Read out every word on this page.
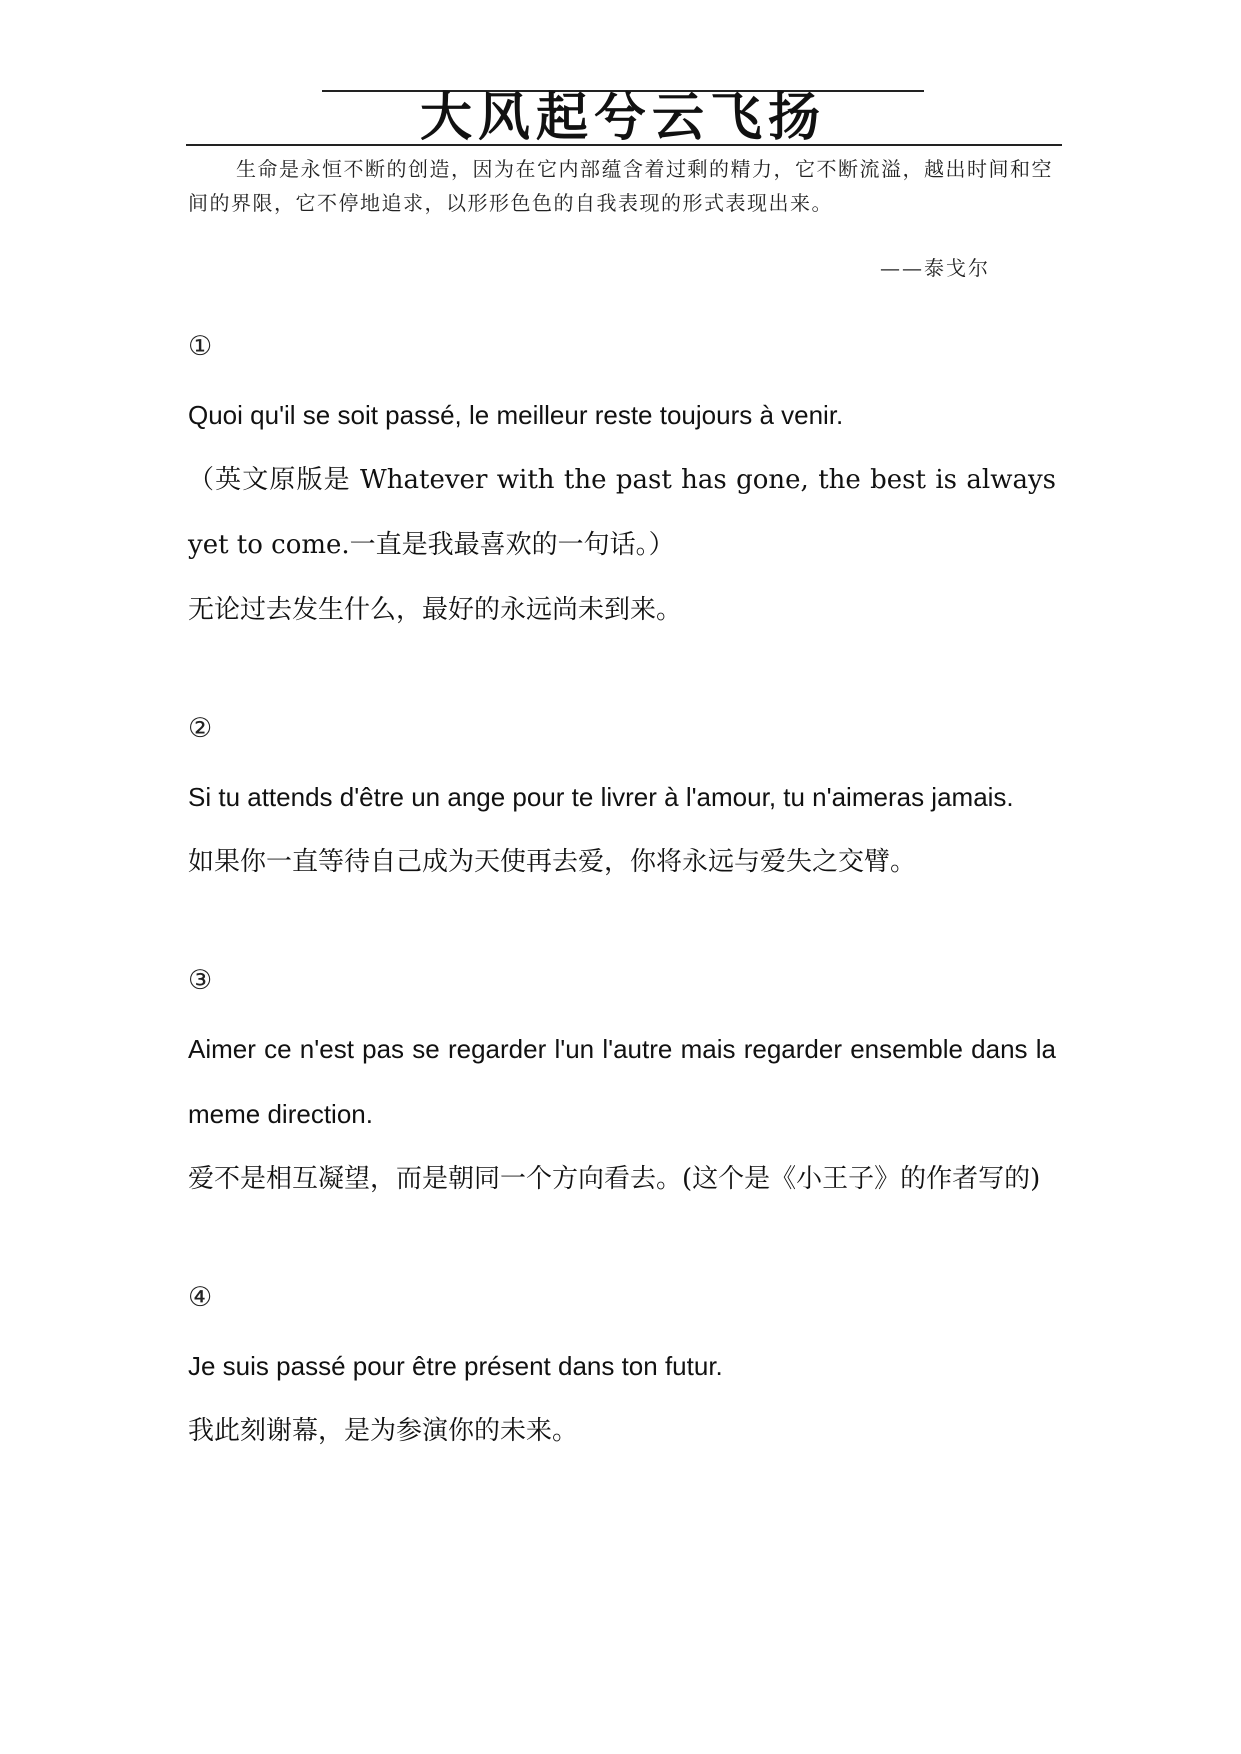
大风起兮云飞扬

生命是永恒不断的创造，因为在它内部蕴含着过剩的精力，它不断流溢，越出时间和空间的界限，它不停地追求，以形形色色的自我表现的形式表现出来。

——泰戈尔

①

Quoi qu'il se soit passé, le meilleur reste toujours à venir.

（英文原版是 Whatever with the past has gone, the best is always yet to come.一直是我最喜欢的一句话。）

无论过去发生什么，最好的永远尚未到来。

②

Si tu attends d'être un ange pour te livrer à l'amour, tu n'aimeras jamais.

如果你一直等待自己成为天使再去爱，你将永远与爱失之交臂。

③

Aimer ce n'est pas se regarder l'un l'autre mais regarder ensemble dans la meme direction.

爱不是相互凝望，而是朝同一个方向看去。(这个是《小王子》的作者写的)

④

Je suis passé pour être présent dans ton futur.

我此刻谢幕，是为参演你的未来。
